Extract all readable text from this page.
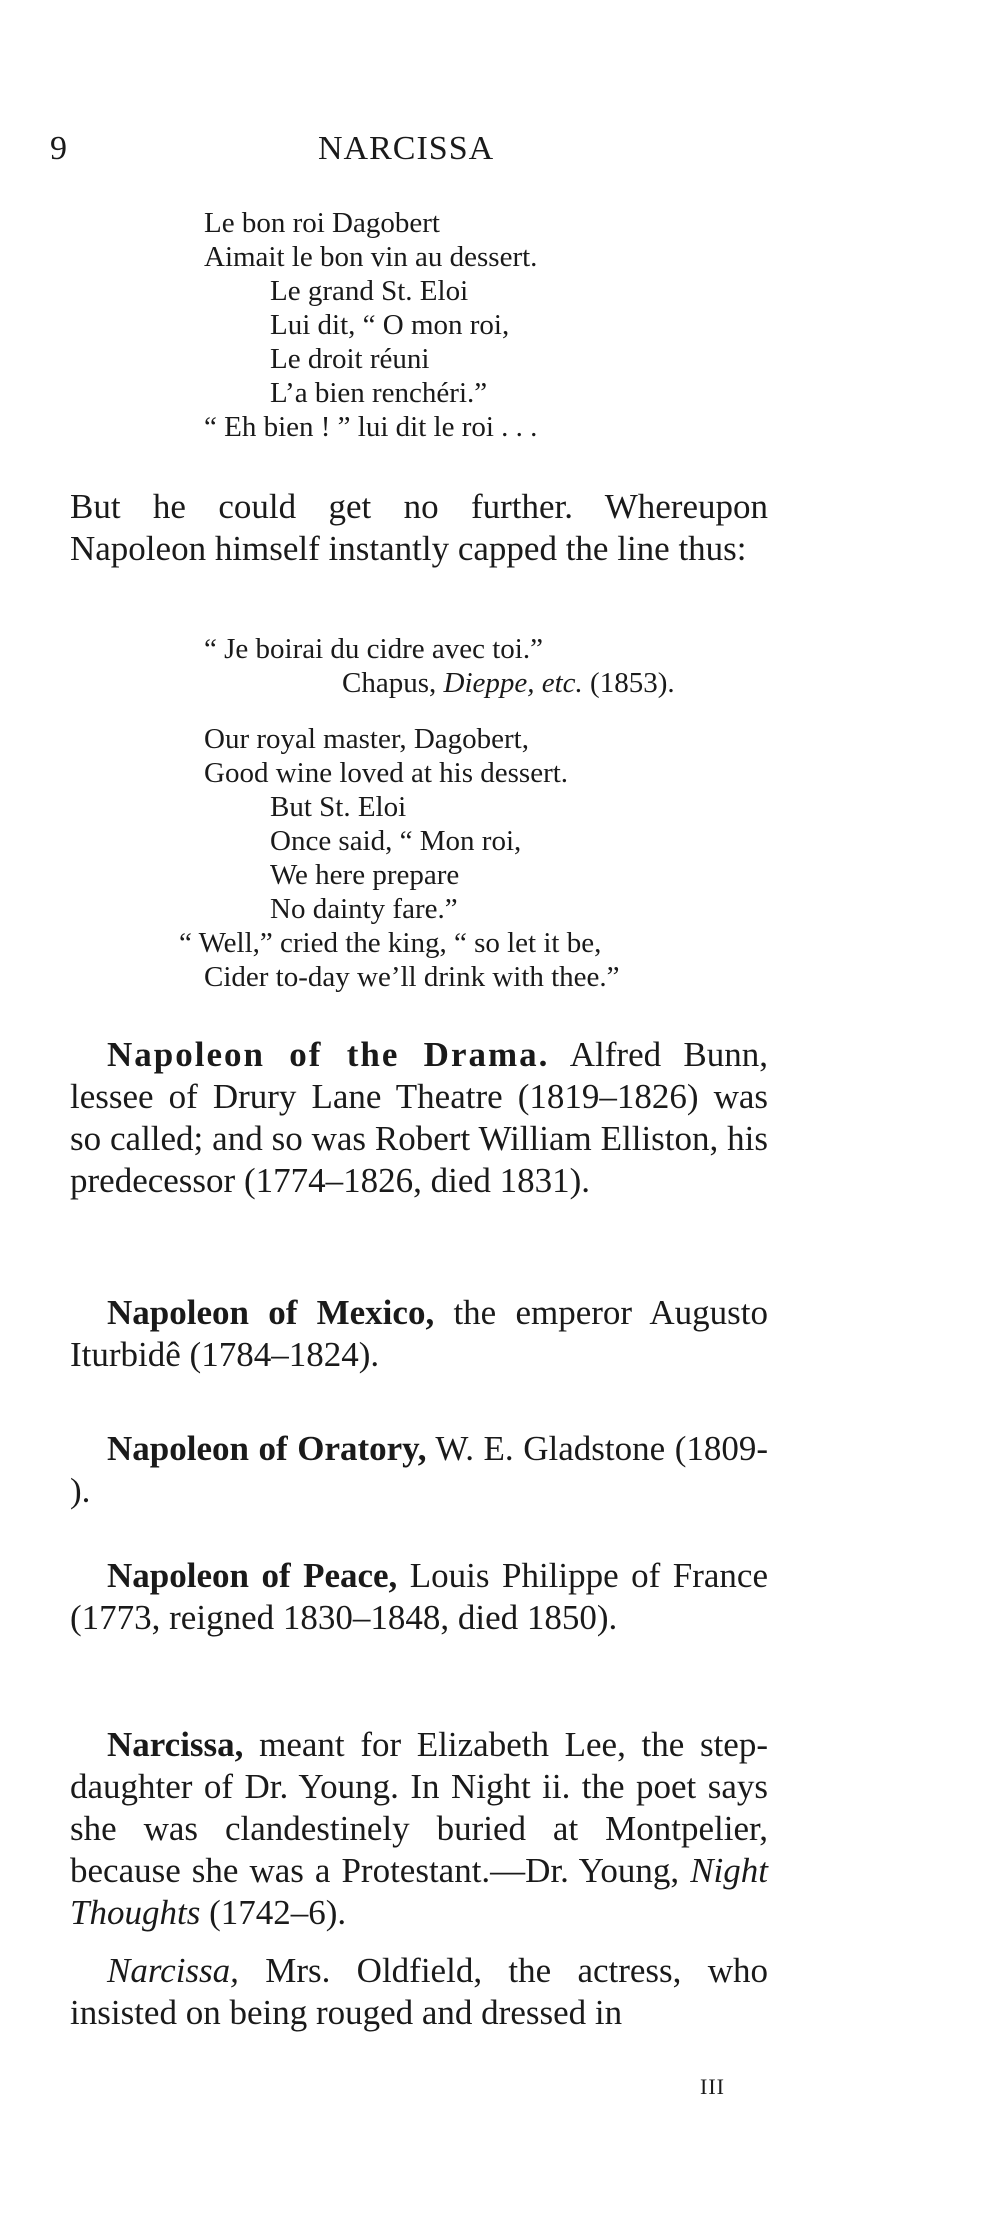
9	NARCISSA
Le bon roi Dagobert
Aimait le bon vin au dessert.
Le grand St. Eloi
Lui dit, “ O mon roi,
Le droit réuni
L’a bien renchéri.”
“ Eh bien ! ” lui dit le roi . . .
But he could get no further. Whereupon Napoleon himself instantly capped the line thus:
“ Je boirai du cidre avec toi.”
Chapus, Dieppe, etc. (1853).
Our royal master, Dagobert,
Good wine loved at his dessert.
But St. Eloi
Once said, “ Mon roi,
We here prepare
No dainty fare.”
“ Well,” cried the king, “ so let it be,
Cider to-day we’ll drink with thee.”
Napoleon of the Drama. Alfred Bunn, lessee of Drury Lane Theatre (1819–1826) was so called; and so was Robert William Elliston, his predecessor (1774–1826, died 1831).
Napoleon of Mexico, the emperor Augusto Iturbidê (1784–1824).
Napoleon of Oratory, W. E. Gladstone (1809-        ).
Napoleon of Peace, Louis Philippe of France (1773, reigned 1830–1848, died 1850).
Narcissa, meant for Elizabeth Lee, the step-daughter of Dr. Young. In Night ii. the poet says she was clandestinely buried at Montpelier, because she was a Protestant.—Dr. Young, Night Thoughts (1742–6).
Narcissa, Mrs. Oldfield, the actress, who insisted on being rouged and dressed in
III
